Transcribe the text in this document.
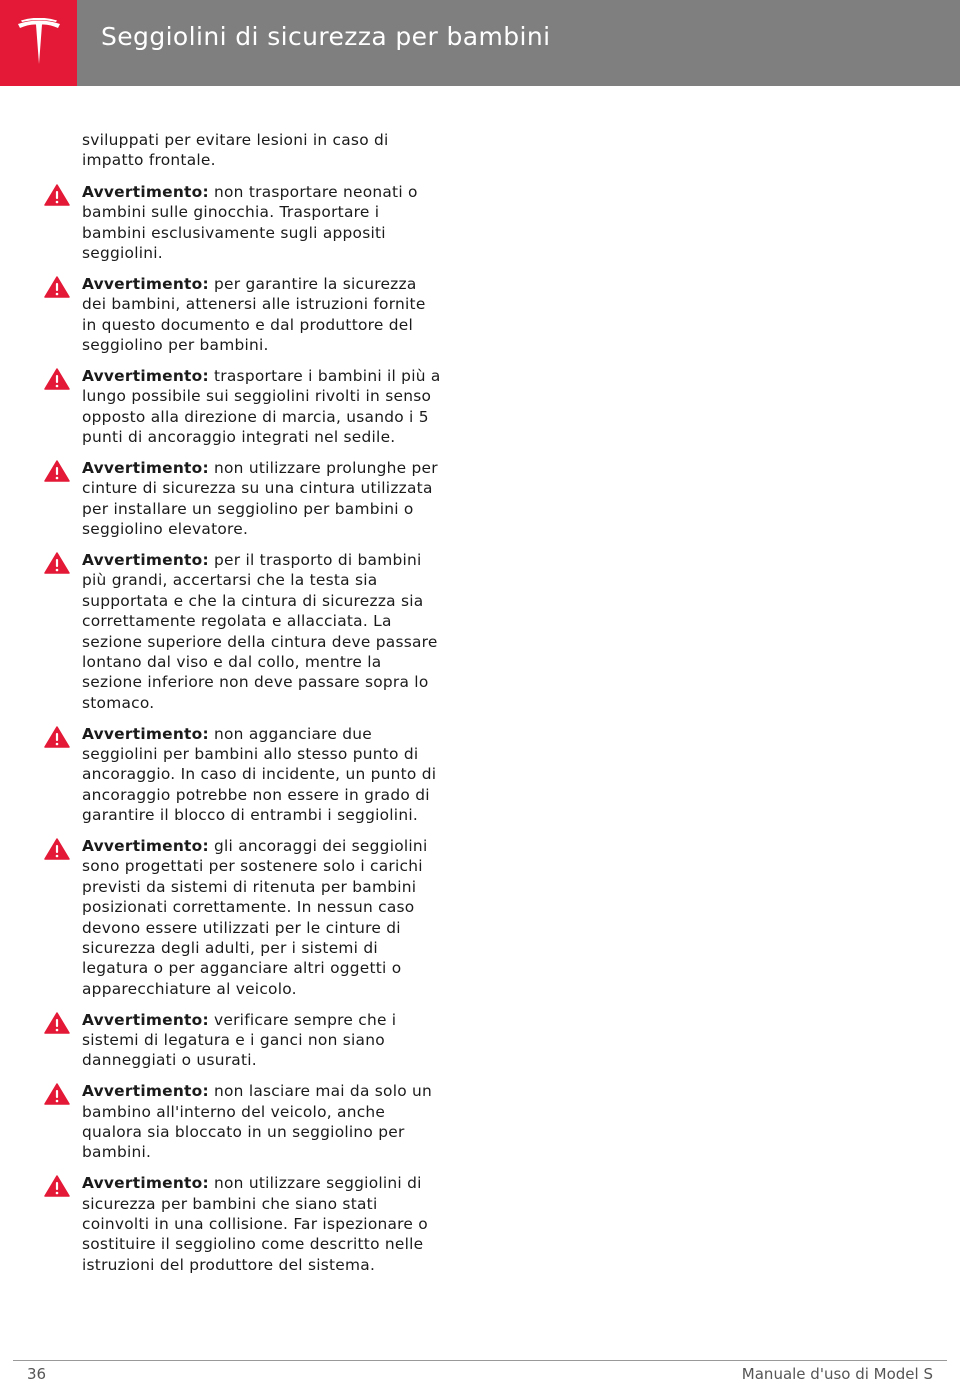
Seggiolini di sicurezza per bambini

sviluppati per evitare lesioni in caso di impatto frontale.

Avvertimento: non trasportare neonati o bambini sulle ginocchia. Trasportare i bambini esclusivamente sugli appositi seggiolini.

Avvertimento: per garantire la sicurezza dei bambini, attenersi alle istruzioni fornite in questo documento e dal produttore del seggiolino per bambini.

Avvertimento: trasportare i bambini il più a lungo possibile sui seggiolini rivolti in senso opposto alla direzione di marcia, usando i 5 punti di ancoraggio integrati nel sedile.

Avvertimento: non utilizzare prolunghe per cinture di sicurezza su una cintura utilizzata per installare un seggiolino per bambini o seggiolino elevatore.

Avvertimento: per il trasporto di bambini più grandi, accertarsi che la testa sia supportata e che la cintura di sicurezza sia correttamente regolata e allacciata. La sezione superiore della cintura deve passare lontano dal viso e dal collo, mentre la sezione inferiore non deve passare sopra lo stomaco.

Avvertimento: non agganciare due seggiolini per bambini allo stesso punto di ancoraggio. In caso di incidente, un punto di ancoraggio potrebbe non essere in grado di garantire il blocco di entrambi i seggiolini.

Avvertimento: gli ancoraggi dei seggiolini sono progettati per sostenere solo i carichi previsti da sistemi di ritenuta per bambini posizionati correttamente. In nessun caso devono essere utilizzati per le cinture di sicurezza degli adulti, per i sistemi di legatura o per agganciare altri oggetti o apparecchiature al veicolo.

Avvertimento: verificare sempre che i sistemi di legatura e i ganci non siano danneggiati o usurati.

Avvertimento: non lasciare mai da solo un bambino all'interno del veicolo, anche qualora sia bloccato in un seggiolino per bambini.

Avvertimento: non utilizzare seggiolini di sicurezza per bambini che siano stati coinvolti in una collisione. Far ispezionare o sostituire il seggiolino come descritto nelle istruzioni del produttore del sistema.

36	Manuale d'uso di Model S
